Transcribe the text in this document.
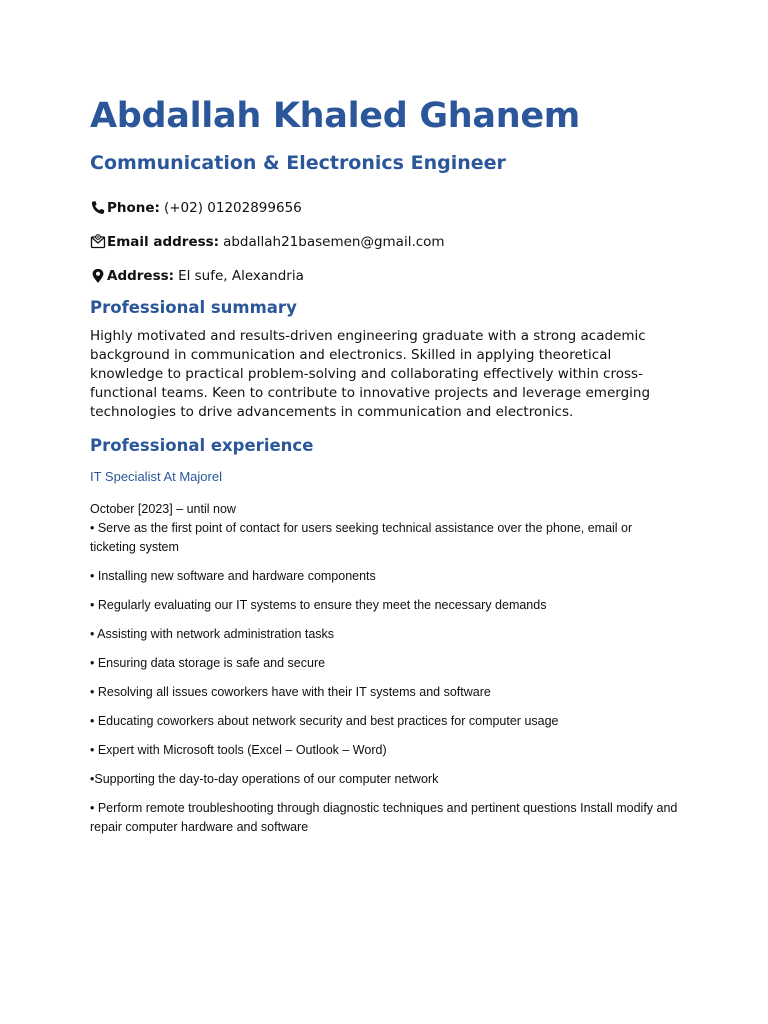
Abdallah Khaled Ghanem
Communication & Electronics Engineer
Phone: (+02) 01202899656
Email address: abdallah21basemen@gmail.com
Address: El sufe, Alexandria
Professional summary

Highly motivated and results-driven engineering graduate with a strong academic background in communication and electronics. Skilled in applying theoretical knowledge to practical problem-solving and collaborating effectively within cross-functional teams. Keen to contribute to innovative projects and leverage emerging technologies to drive advancements in communication and electronics.

Professional experience

IT Specialist At Majorel

October [2023] – until now

• Serve as the first point of contact for users seeking technical assistance over the phone, email or ticketing system
• Installing new software and hardware components
• Regularly evaluating our IT systems to ensure they meet the necessary demands
• Assisting with network administration tasks
• Ensuring data storage is safe and secure
• Resolving all issues coworkers have with their IT systems and software
• Educating coworkers about network security and best practices for computer usage
• Expert with Microsoft tools (Excel – Outlook – Word)
•Supporting the day-to-day operations of our computer network
• Perform remote troubleshooting through diagnostic techniques and pertinent questions Install modify and repair computer hardware and software
